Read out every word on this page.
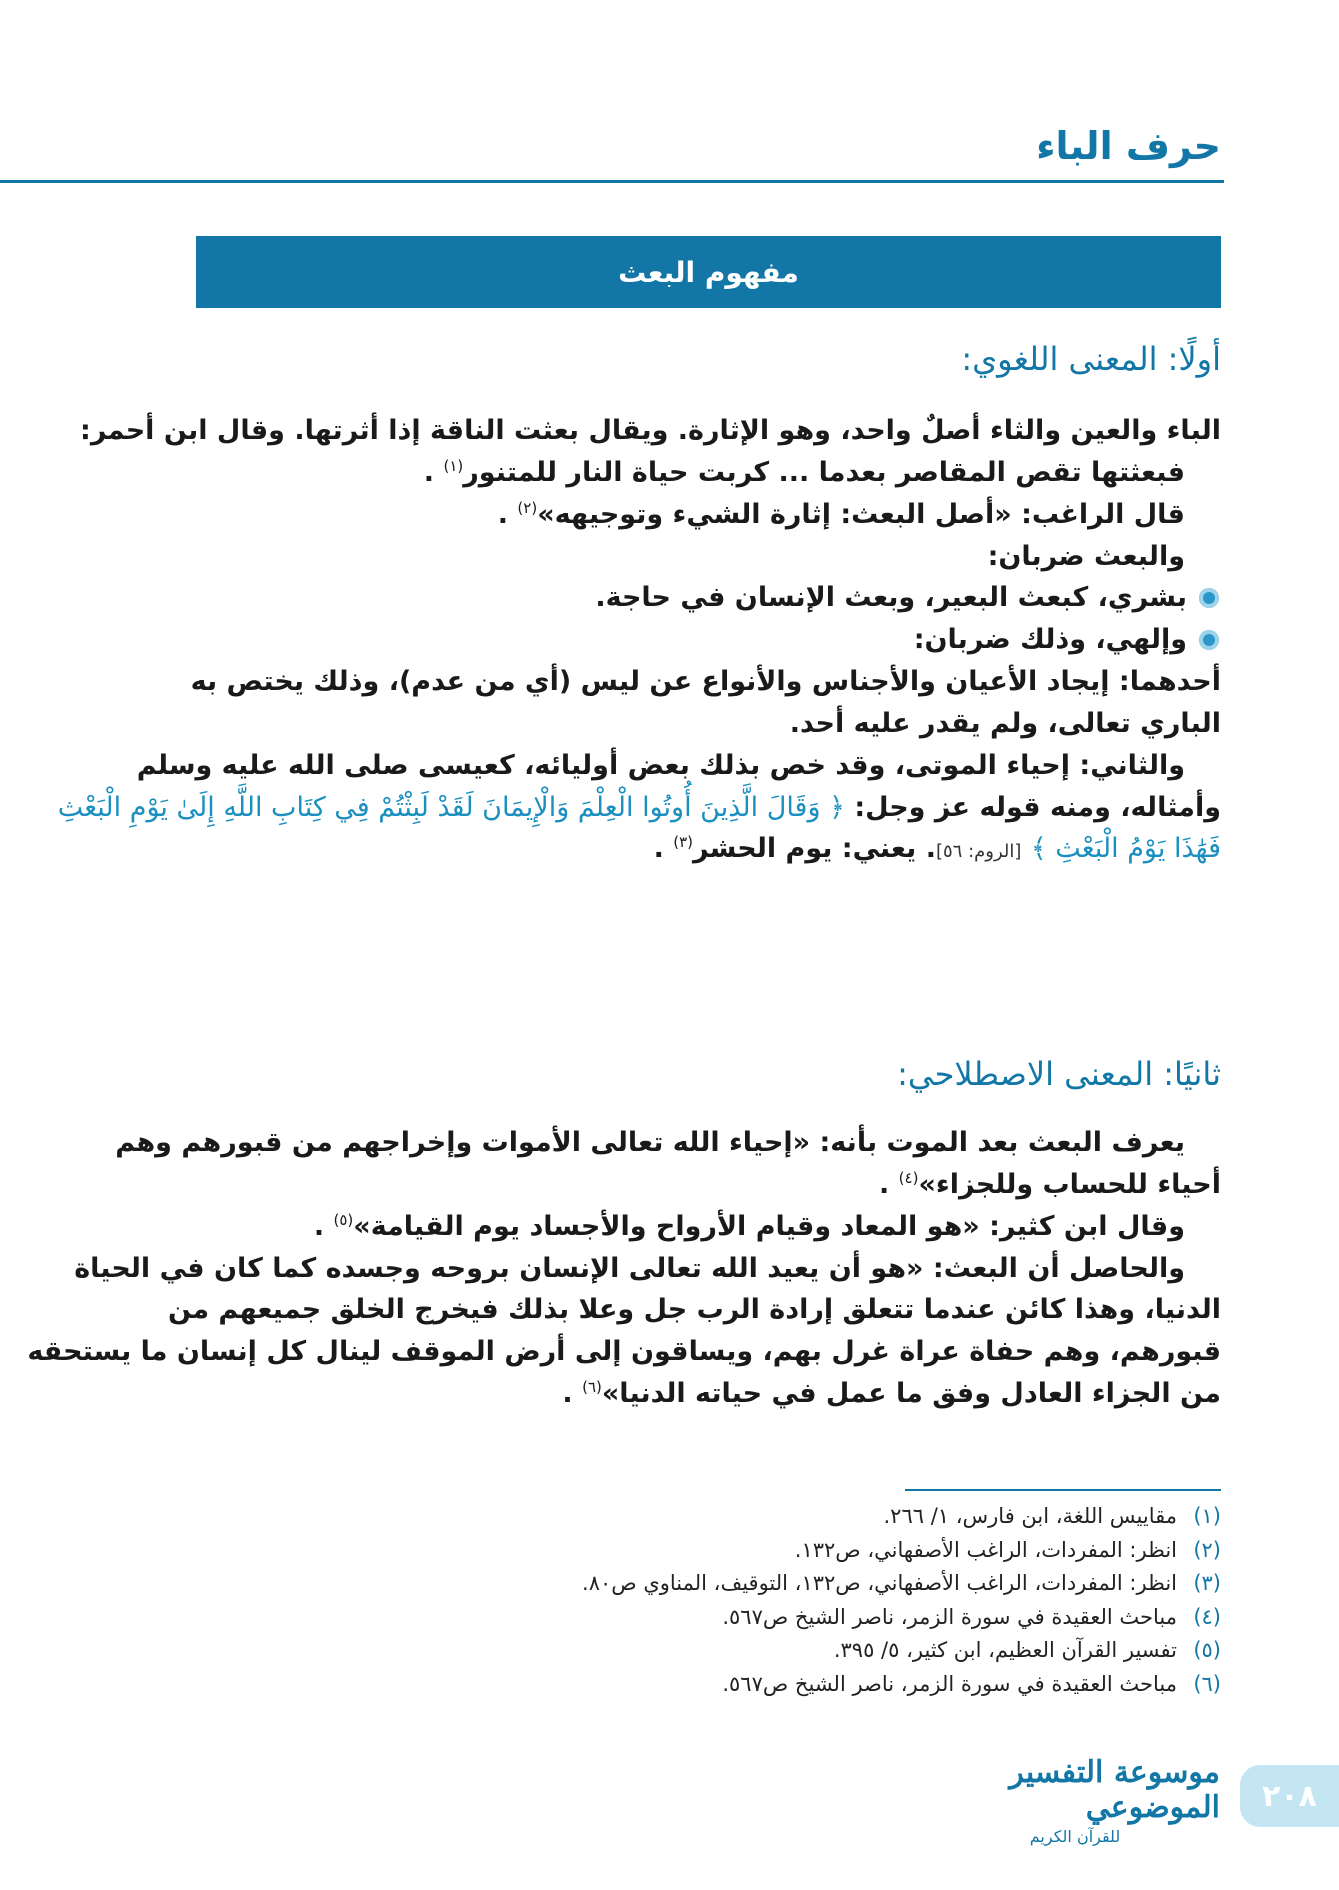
حرف الباء
مفهوم البعث
أولًا: المعنى اللغوي:
الباء والعين والثاء أصلٌ واحد، وهو الإثارة. ويقال بعثت الناقة إذا أثرتها. وقال ابن أحمر:
فبعثتها تقص المقاصر بعدما ... كربت حياة النار للمتنور$^{(١)}$ .
قال الراغب: «أصل البعث: إثارة الشيء وتوجيهه»$^{(٢)}$ .
والبعث ضربان:
بشري، كبعث البعير، وبعث الإنسان في حاجة.
وإلهي، وذلك ضربان:
أحدهما: إيجاد الأعيان والأجناس والأنواع عن ليس (أي من عدم)، وذلك يختص به
الباري تعالى، ولم يقدر عليه أحد.
والثاني: إحياء الموتى، وقد خص بذلك بعض أوليائه، كعيسى صلى الله عليه وسلم
وأمثاله، ومنه قوله عز وجل: ﴿ وَقَالَ الَّذِينَ أُوتُوا الْعِلْمَ وَالْإِيمَانَ لَقَدْ لَبِثْتُمْ فِي كِتَابِ اللَّهِ إِلَىٰ يَوْمِ الْبَعْثِ
فَهَٰذَا يَوْمُ الْبَعْثِ ﴾ [الروم: ٥٦]. يعني: يوم الحشر$^{(٣)}$ .
ثانيًا: المعنى الاصطلاحي:
يعرف البعث بعد الموت بأنه: «إحياء الله تعالى الأموات وإخراجهم من قبورهم وهم
أحياء للحساب وللجزاء»$^{(٤)}$ .
وقال ابن كثير: «هو المعاد وقيام الأرواح والأجساد يوم القيامة»$^{(٥)}$ .
والحاصل أن البعث: «هو أن يعيد الله تعالى الإنسان بروحه وجسده كما كان في الحياة
الدنيا، وهذا كائن عندما تتعلق إرادة الرب جل وعلا بذلك فيخرج الخلق جميعهم من
قبورهم، وهم حفاة عراة غرل بهم، ويساقون إلى أرض الموقف لينال كل إنسان ما يستحقه
من الجزاء العادل وفق ما عمل في حياته الدنيا»$^{(٦)}$ .
(١)
مقاييس اللغة، ابن فارس، ١/ ٢٦٦.
(٢)
انظر: المفردات، الراغب الأصفهاني، ص١٣٢.
(٣)
انظر: المفردات، الراغب الأصفهاني، ص١٣٢، التوقيف، المناوي ص٨٠.
(٤)
مباحث العقيدة في سورة الزمر، ناصر الشيخ ص٥٦٧.
(٥)
تفسير القرآن العظيم، ابن كثير، ٥/ ٣٩٥.
(٦)
مباحث العقيدة في سورة الزمر، ناصر الشيخ ص٥٦٧.
موسوعة التفسير الموضوعي
للقرآن الكريم
٢٠٨
